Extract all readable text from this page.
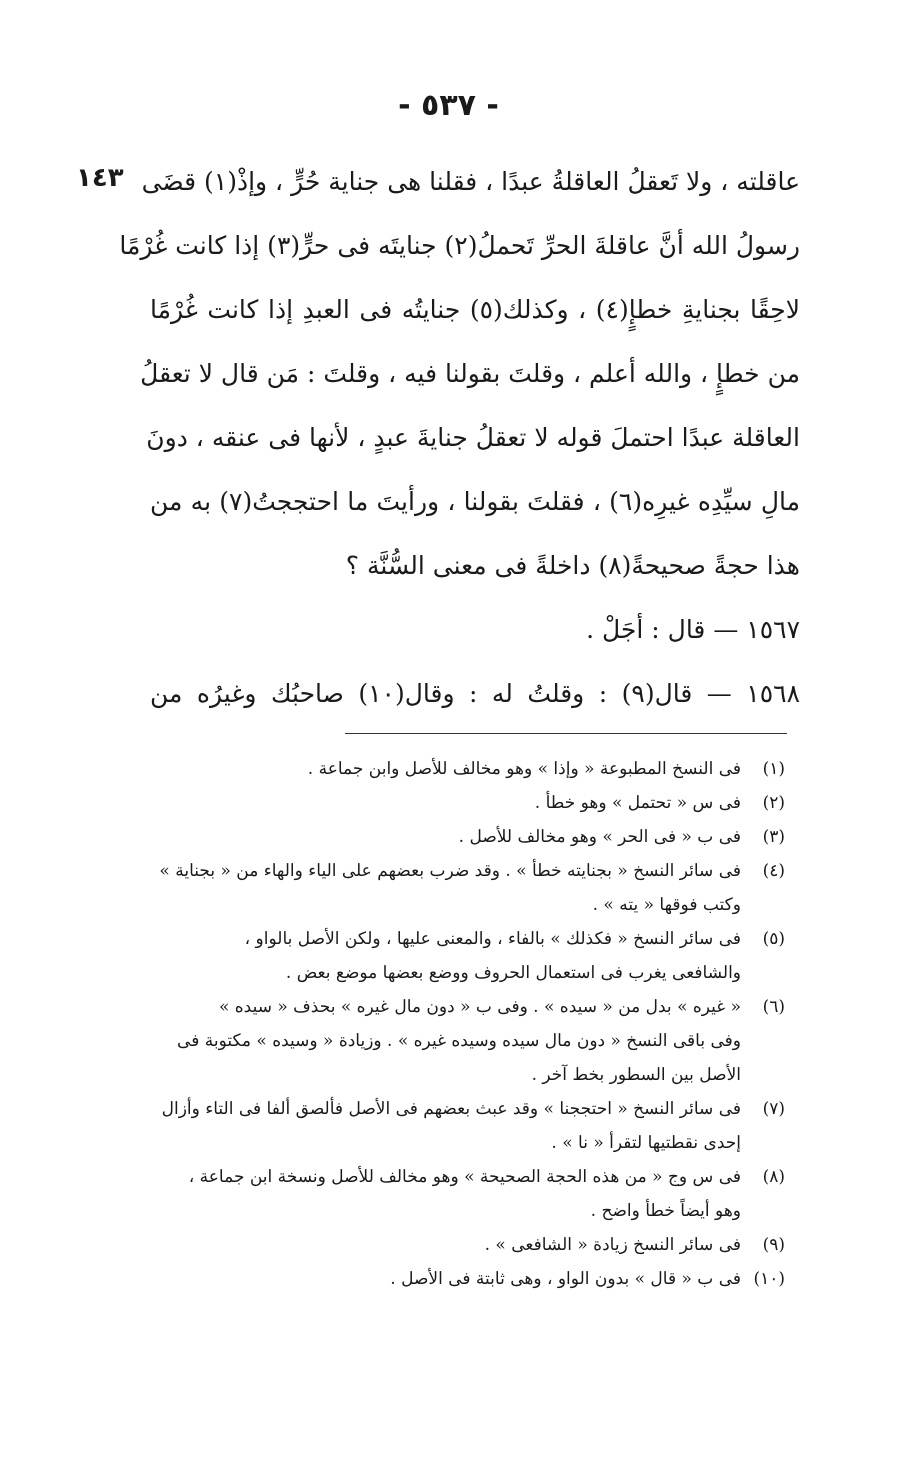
- ٥٣٧ -
١٤٣ عاقلته ، ولا تَعقلُ العاقلةُ عبدًا ، فقلنا هى جناية حُرٍّ ، وإذْ(١) قضَى
رسولُ الله أنَّ عاقلةَ الحرِّ تَحملُ(٢) جنايتَه فى حرٍّ(٣) إذا كانت غُرْمًا
لاحِقًا بجنايةِ خطإٍ(٤) ، وكذلك(٥) جنايتُه فى العبدِ إذا كانت غُرْمًا
من خطإٍ ، والله أعلم ، وقلتَ بقولنا فيه ، وقلتَ : مَن قال لا تعقلُ
العاقلة عبدًا احتملَ قوله لا تعقلُ جنايةَ عبدٍ ، لأنها فى عنقه ، دونَ
مالِ سيِّدِه غيرِه(٦) ، فقلتَ بقولنا ، ورأيتَ ما احتججتُ(٧) به من
هذا حجةً صحيحةً(٨) داخلةً فى معنى السُّنَّة ؟
١٥٦٧ — قال : أجَلْ .
١٥٦٨ — قال(٩) : وقلتُ له : وقال(١٠) صاحبُك وغيرُه من
(١)
فى النسخ المطبوعة « وإذا » وهو مخالف للأصل وابن جماعة .
(٢)
فى س « تحتمل » وهو خطأ .
(٣)
فى ب « فى الحر » وهو مخالف للأصل .
(٤)
فى سائر النسخ « بجنايته خطأ » . وقد ضرب بعضهم على الياء والهاء من « بجناية »
وكتب فوقها « يته » .
(٥)
فى سائر النسخ « فكذلك » بالفاء ، والمعنى عليها ، ولكن الأصل بالواو ،
والشافعى يغرب فى استعمال الحروف ووضع بعضها موضع بعض .
(٦)
« غيره » بدل من « سيده » . وفى ب « دون مال غيره » بحذف « سيده »
وفى باقى النسخ « دون مال سيده وسيده غيره » . وزيادة « وسيده » مكتوبة فى
الأصل بين السطور بخط آخر .
(٧)
فى سائر النسخ « احتججنا » وقد عبث بعضهم فى الأصل فألصق ألفا فى التاء وأزال
إحدى نقطتيها لتقرأ « نا » .
(٨)
فى س وج « من هذه الحجة الصحيحة » وهو مخالف للأصل ونسخة ابن جماعة ،
وهو أيضاً خطأ واضح .
(٩)
فى سائر النسخ زيادة « الشافعى » .
(١٠)
فى ب « قال » بدون الواو ، وهى ثابتة فى الأصل .
